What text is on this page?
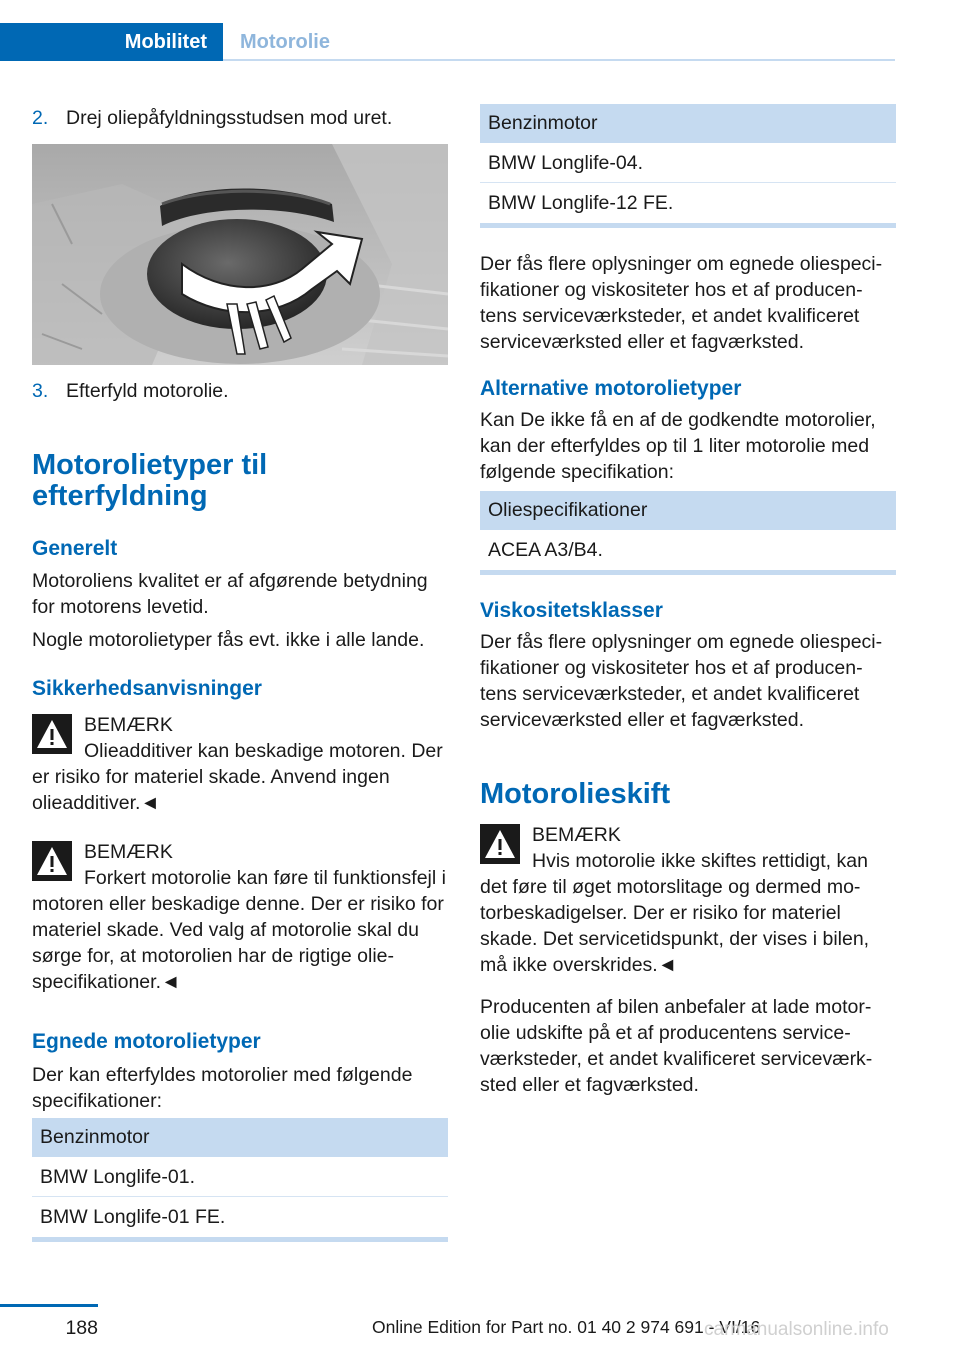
Mobilitet	Motorolie
2. Drej oliepåfyldningsstudsen mod uret.
3. Efterfyld motorolie.
Motorolietyper til efterfyldning
Generelt

Motoroliens kvalitet er af afgørende betydning for motorens levetid.

Nogle motorolietyper fås evt. ikke i alle lande.

Sikkerhedsanvisninger
BEMÆRK
Olieadditiver kan beskadige motoren. Der er risiko for materiel skade. Anvend ingen olieadditiver.◄
BEMÆRK
Forkert motorolie kan føre til funktionsfejl i motoren eller beskadige denne. Der er risiko for materiel skade. Ved valg af motorolie skal du sørge for, at motorolien har de rigtige olie-specifikationer.◄
Egnede motorolietyper

Der kan efterfyldes motorolier med følgende specifikationer:

Benzinmotor
BMW Longlife-01.
BMW Longlife-01 FE.
Benzinmotor
BMW Longlife-04.
BMW Longlife-12 FE.

Der fås flere oplysninger om egnede oliespeci-fikationer og viskositeter hos et af producen-tens serviceværksteder, et andet kvalificeret serviceværksted eller et fagværksted.

Alternative motorolietyper

Kan De ikke få en af de godkendte motorolier, kan der efterfyldes op til 1 liter motorolie med følgende specifikation:

Oliespecifikationer
ACEA A3/B4.
Viskositetsklasser

Der fås flere oplysninger om egnede oliespeci-fikationer og viskositeter hos et af producen-tens serviceværksteder, et andet kvalificeret serviceværksted eller et fagværksted.

Motorolieskift
BEMÆRK
Hvis motorolie ikke skiftes rettidigt, kan det føre til øget motorslitage og dermed mo-torbeskadigelser. Der er risiko for materiel skade. Det servicetidspunkt, der vises i bilen, må ikke overskrides.◄

Producenten af bilen anbefaler at lade motor-olie udskifte på et af producentens service-værksteder, et andet kvalificeret serviceværk-sted eller et fagværksted.

188	Online Edition for Part no. 01 40 2 974 691 - VI/16
carmanualsonline.info
